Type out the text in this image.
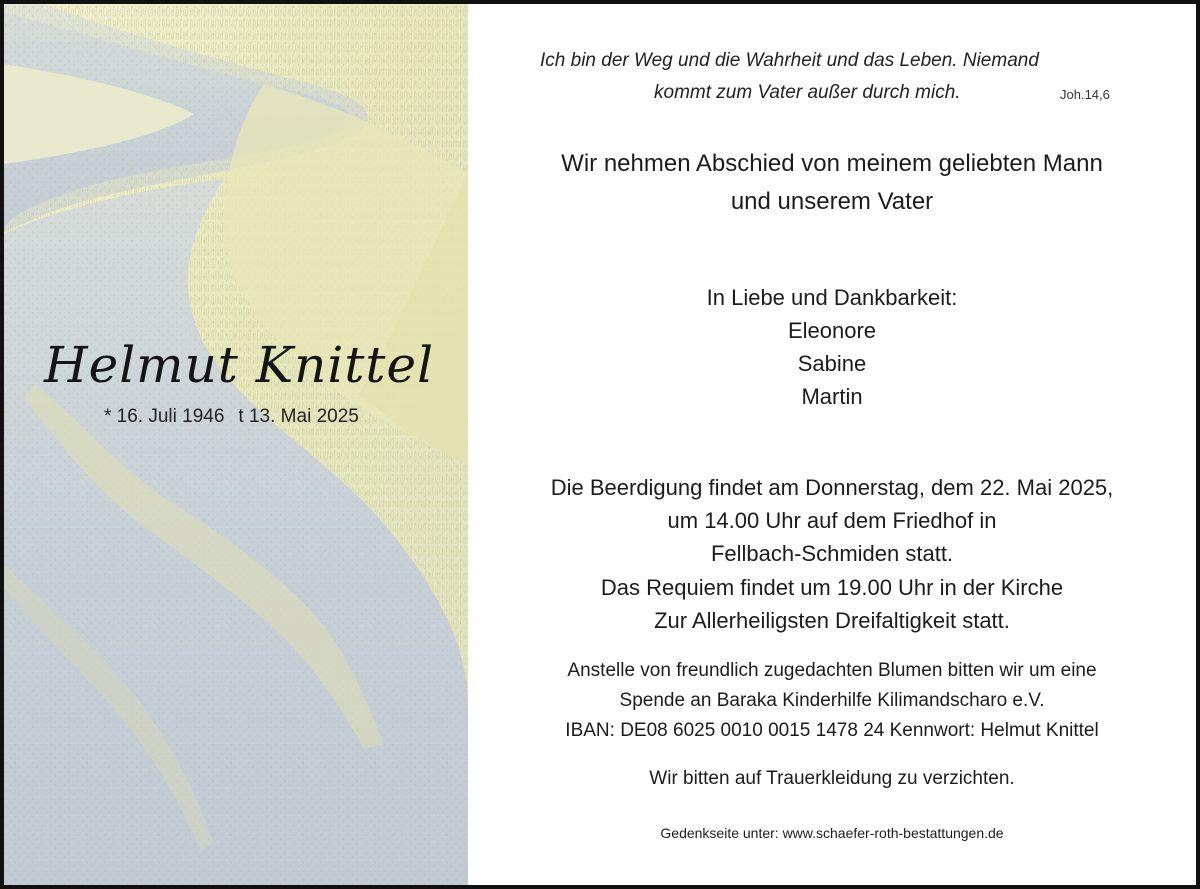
Helmut Knittel
* 16. Juli 1946 t 13. Mai 2025
Ich bin der Weg und die Wahrheit und das Leben. Niemand
kommt zum Vater außer durch mich.	Joh.14,6
Wir nehmen Abschied von meinem geliebten Mann
und unserem Vater
In Liebe und Dankbarkeit:
Eleonore
Sabine
Martin
Die Beerdigung findet am Donnerstag, dem 22. Mai 2025,
um 14.00 Uhr auf dem Friedhof in
Fellbach-Schmiden statt.
Das Requiem findet um 19.00 Uhr in der Kirche
Zur Allerheiligsten Dreifaltigkeit statt.
Anstelle von freundlich zugedachten Blumen bitten wir um eine
Spende an Baraka Kinderhilfe Kilimandscharo e.V.
IBAN: DE08 6025 0010 0015 1478 24 Kennwort: Helmut Knittel
Wir bitten auf Trauerkleidung zu verzichten.
Gedenkseite unter: www.schaefer-roth-bestattungen.de
